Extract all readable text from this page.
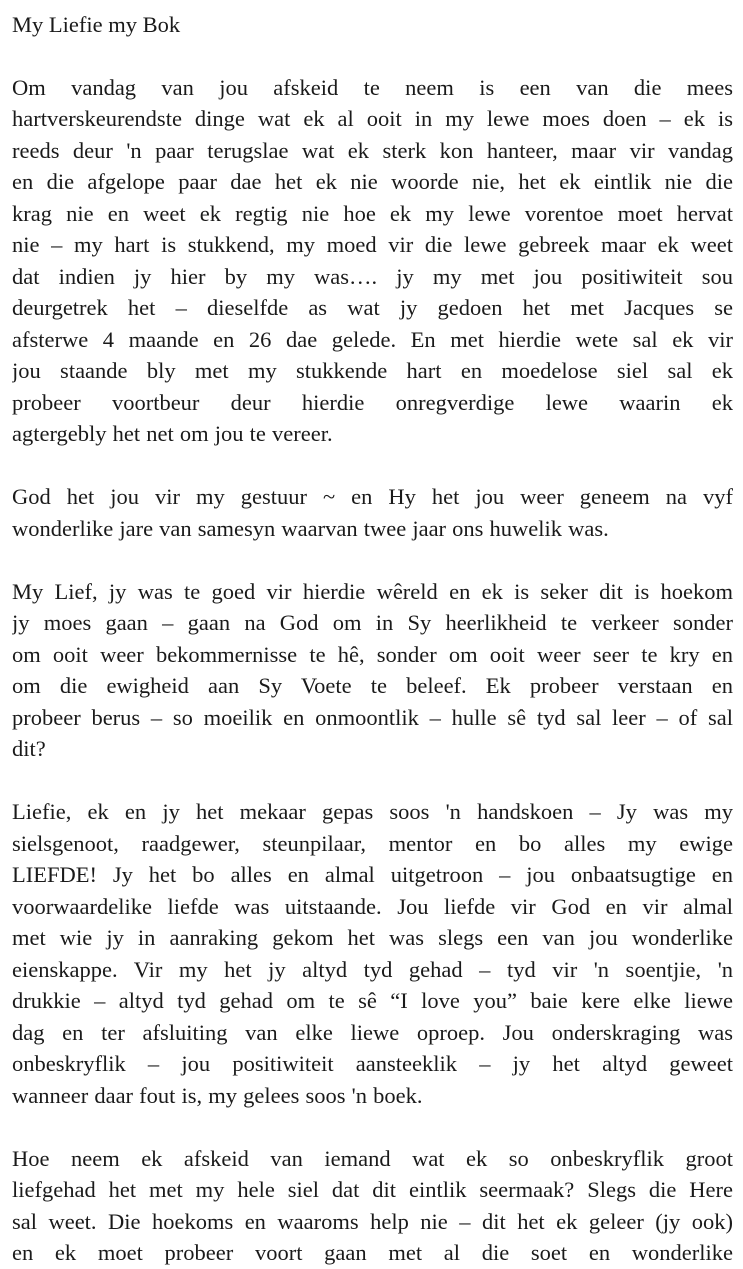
My Liefie my Bok
Om vandag van jou afskeid te neem is een van die mees
hartverskeurendste dinge wat ek al ooit in my lewe moes doen – ek is
reeds deur 'n paar terugslae wat ek sterk kon hanteer, maar vir vandag
en die afgelope paar dae het ek nie woorde nie, het ek eintlik nie die
krag nie en weet ek regtig nie hoe ek my lewe vorentoe moet hervat
nie – my hart is stukkend, my moed vir die lewe gebreek maar ek weet
dat indien jy hier by my was…. jy my met jou positiwiteit sou
deurgetrek het – dieselfde as wat jy gedoen het met Jacques se
afsterwe 4 maande en 26 dae gelede. En met hierdie wete sal ek vir
jou staande bly met my stukkende hart en moedelose siel sal ek
probeer voortbeur deur hierdie onregverdige lewe waarin ek
agtergebly het net om jou te vereer.
God het jou vir my gestuur ~ en Hy het jou weer geneem na vyf
wonderlike jare van samesyn waarvan twee jaar ons huwelik was.
My Lief, jy was te goed vir hierdie wêreld en ek is seker dit is hoekom
jy moes gaan – gaan na God om in Sy heerlikheid te verkeer sonder
om ooit weer bekommernisse te hê, sonder om ooit weer seer te kry en
om die ewigheid aan Sy Voete te beleef. Ek probeer verstaan en
probeer berus – so moeilik en onmoontlik – hulle sê tyd sal leer – of sal
dit?
Liefie, ek en jy het mekaar gepas soos 'n handskoen – Jy was my
sielsgenoot, raadgewer, steunpilaar, mentor en bo alles my ewige
LIEFDE! Jy het bo alles en almal uitgetroon – jou onbaatsugtige en
voorwaardelike liefde was uitstaande. Jou liefde vir God en vir almal
met wie jy in aanraking gekom het was slegs een van jou wonderlike
eienskappe. Vir my het jy altyd tyd gehad – tyd vir 'n soentjie, 'n
drukkie – altyd tyd gehad om te sê “I love you” baie kere elke liewe
dag en ter afsluiting van elke liewe oproep. Jou onderskraging was
onbeskryflik – jou positiwiteit aansteeklik – jy het altyd geweet
wanneer daar fout is, my gelees soos 'n boek.
Hoe neem ek afskeid van iemand wat ek so onbeskryflik groot
liefgehad het met my hele siel dat dit eintlik seermaak? Slegs die Here
sal weet. Die hoekoms en waaroms help nie – dit het ek geleer (jy ook)
en ek moet probeer voort gaan met al die soet en wonderlike
